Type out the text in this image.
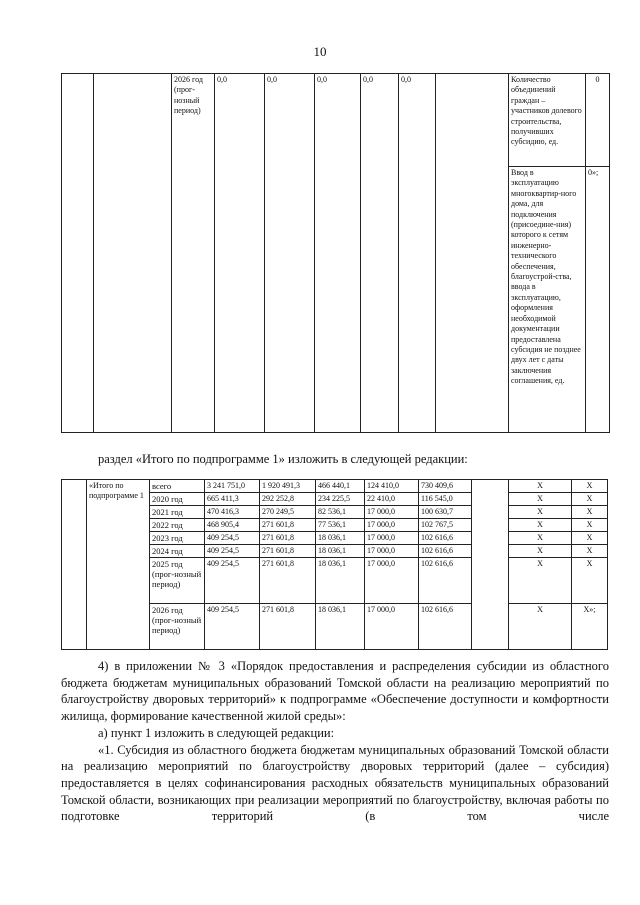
10
		2026 год (прог-нозный период)	0,0	0,0	0,0	0,0	0,0		Количество объединений граждан – участников долевого строительства, получивших субсидию, ед.	0
									Ввод в эксплуатацию многоквартир-ного дома, для подключения (присоедине-ния) которого к сетям инженерно-технического обеспечения, благоустрой-ства, ввода в эксплуатацию, оформления необходимой документации предоставлена субсидия не позднее двух лет с даты заключения соглашения, ед.	0»;
раздел «Итого по подпрограмме 1» изложить в следующей редакции:
	«Итого по подпрограмме 1	всего	3 241 751,0	1 920 491,3	466 440,1	124 410,0	730 409,6		X	X	
		2020 год	665 411,3	292 252,8	234 225,5	22 410,0	116 545,0		X	X	
		2021 год	470 416,3	270 249,5	82 536,1	17 000,0	100 630,7		X	X	
		2022 год	468 905,4	271 601,8	77 536,1	17 000,0	102 767,5		X	X	
		2023 год	409 254,5	271 601,8	18 036,1	17 000,0	102 616,6		X	X	
		2024 год	409 254,5	271 601,8	18 036,1	17 000,0	102 616,6		X	X	
		2025 год (прог-нозный период)	409 254,5	271 601,8	18 036,1	17 000,0	102 616,6		X	X	
		2026 год (прог-нозный период)	409 254,5	271 601,8	18 036,1	17 000,0	102 616,6		X	X»;	

4) в приложении № 3 «Порядок предоставления и распределения субсидии из областного бюджета бюджетам муниципальных образований Томской области на реализацию мероприятий по благоустройству дворовых территорий» к подпрограмме «Обеспечение доступности и комфортности жилища, формирование качественной жилой среды»:

а) пункт 1 изложить в следующей редакции:

«1. Субсидия из областного бюджета бюджетам муниципальных образований Томской области на реализацию мероприятий по благоустройству дворовых территорий (далее – субсидия) предоставляется в целях софинансирования расходных обязательств муниципальных образований Томской области, возникающих при реализации мероприятий по благоустройству, включая работы по подготовке территорий (в том числе
